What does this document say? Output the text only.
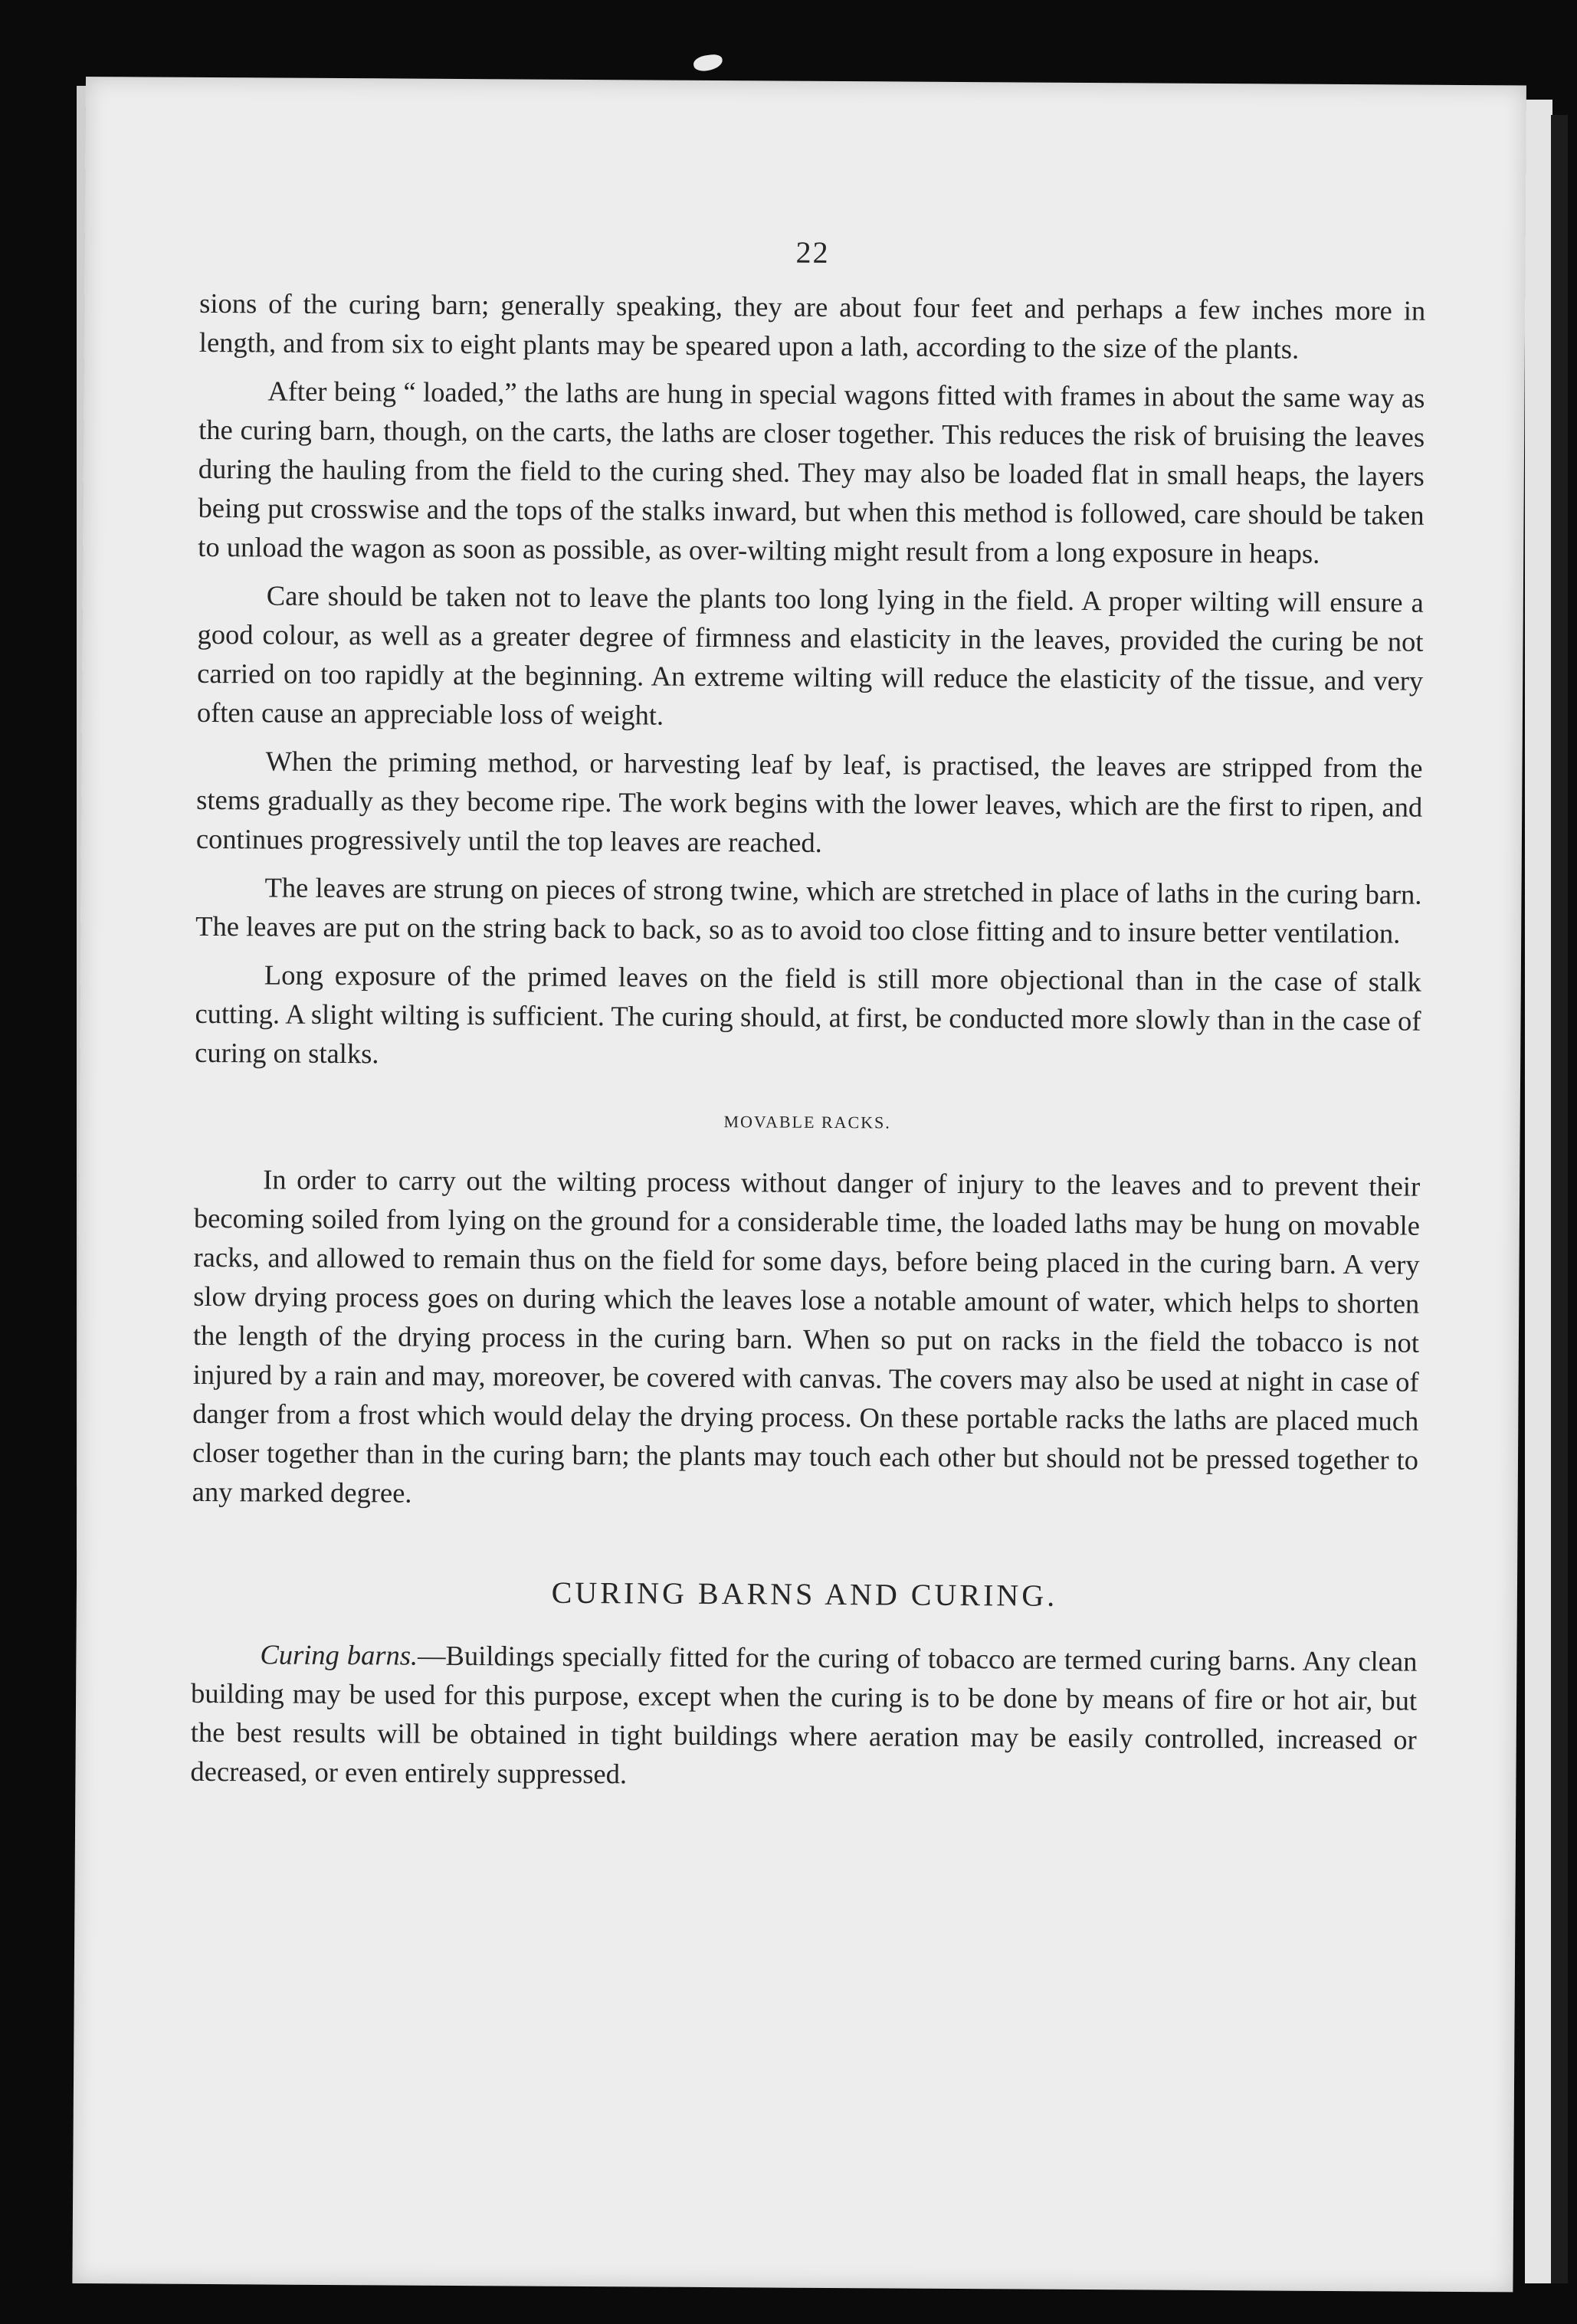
22

sions of the curing barn; generally speaking, they are about four feet and perhaps a few inches more in length, and from six to eight plants may be speared upon a lath, according to the size of the plants.

After being “ loaded,” the laths are hung in special wagons fitted with frames in about the same way as the curing barn, though, on the carts, the laths are closer together. This reduces the risk of bruising the leaves during the hauling from the field to the curing shed. They may also be loaded flat in small heaps, the layers being put crosswise and the tops of the stalks inward, but when this method is followed, care should be taken to unload the wagon as soon as possible, as over-wilting might result from a long exposure in heaps.

Care should be taken not to leave the plants too long lying in the field. A proper wilting will ensure a good colour, as well as a greater degree of firmness and elasticity in the leaves, provided the curing be not carried on too rapidly at the beginning. An extreme wilting will reduce the elasticity of the tissue, and very often cause an appreciable loss of weight.

When the priming method, or harvesting leaf by leaf, is practised, the leaves are stripped from the stems gradually as they become ripe. The work begins with the lower leaves, which are the first to ripen, and continues progressively until the top leaves are reached.

The leaves are strung on pieces of strong twine, which are stretched in place of laths in the curing barn. The leaves are put on the string back to back, so as to avoid too close fitting and to insure better ventilation.

Long exposure of the primed leaves on the field is still more objectional than in the case of stalk cutting. A slight wilting is sufficient. The curing should, at first, be conducted more slowly than in the case of curing on stalks.

MOVABLE RACKS.

In order to carry out the wilting process without danger of injury to the leaves and to prevent their becoming soiled from lying on the ground for a considerable time, the loaded laths may be hung on movable racks, and allowed to remain thus on the field for some days, before being placed in the curing barn. A very slow drying process goes on during which the leaves lose a notable amount of water, which helps to shorten the length of the drying process in the curing barn. When so put on racks in the field the tobacco is not injured by a rain and may, moreover, be covered with canvas. The covers may also be used at night in case of danger from a frost which would delay the drying process. On these portable racks the laths are placed much closer together than in the curing barn; the plants may touch each other but should not be pressed together to any marked degree.

CURING BARNS AND CURING.

Curing barns.—Buildings specially fitted for the curing of tobacco are termed curing barns. Any clean building may be used for this purpose, except when the curing is to be done by means of fire or hot air, but the best results will be obtained in tight buildings where aeration may be easily controlled, increased or decreased, or even entirely suppressed.
